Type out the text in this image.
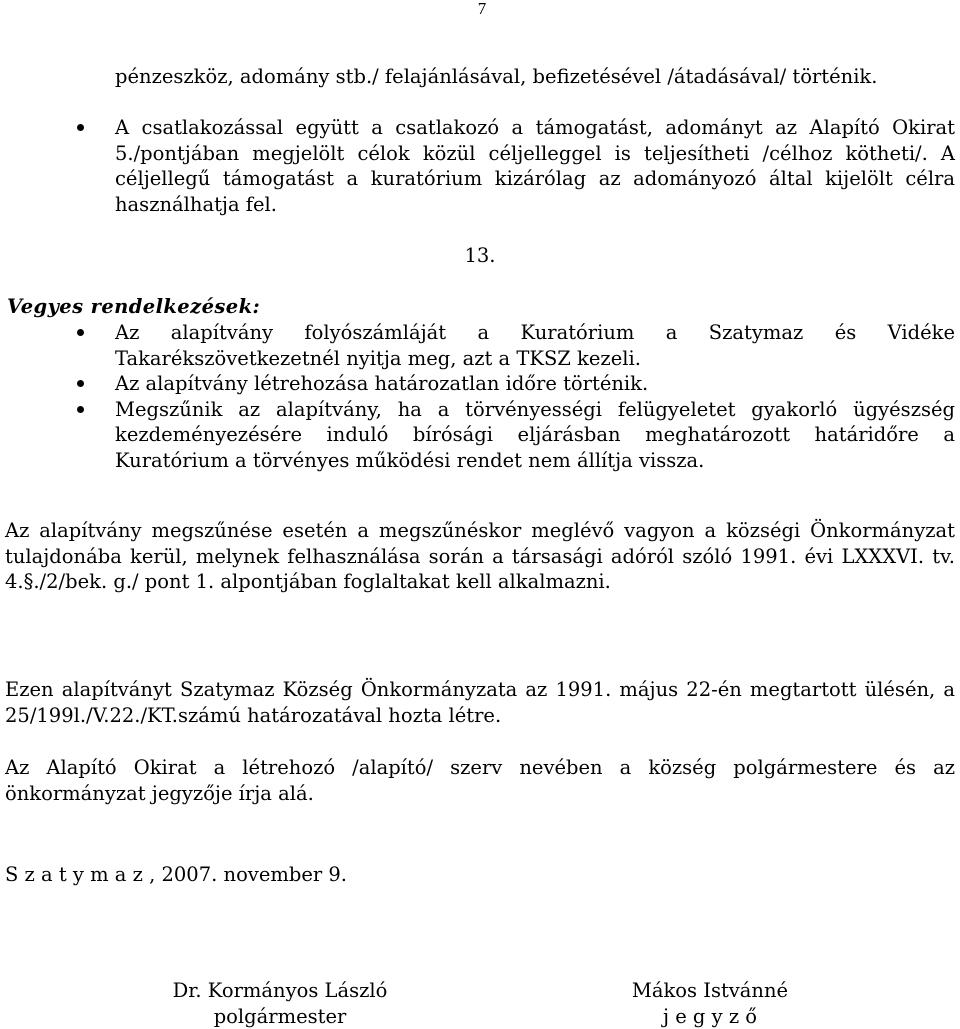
7
pénzeszköz, adomány stb./ felajánlásával, befizetésével /átadásával/ történik.
A csatlakozással együtt a csatlakozó a támogatást, adományt az Alapító Okirat 5./pontjában megjelölt célok közül céljelleggel is teljesítheti /célhoz kötheti/. A céljellegű támogatást a kuratórium kizárólag az adományozó által kijelölt célra használhatja fel.
13.
Vegyes rendelkezések:
Az alapítvány folyószámláját a Kuratórium a Szatymaz és Vidéke Takarékszövetkezetnél nyitja meg, azt a TKSZ kezeli.
Az alapítvány létrehozása határozatlan időre történik.
Megszűnik az alapítvány, ha a törvényességi felügyeletet gyakorló ügyészség kezdeményezésére induló bírósági eljárásban meghatározott határidőre a Kuratórium a törvényes működési rendet nem állítja vissza.
Az alapítvány megszűnése esetén a megszűnéskor meglévő vagyon a községi Önkormányzat tulajdonába kerül, melynek felhasználása során a társasági adóról szóló 1991. évi LXXXVI. tv. 4.§./2/bek. g./ pont 1. alpontjában foglaltakat kell alkalmazni.
Ezen alapítványt Szatymaz Község Önkormányzata az 1991. május 22-én megtartott ülésén, a 25/199l./V.22./KT.számú határozatával hozta létre.
Az Alapító Okirat a létrehozó /alapító/ szerv nevében a község polgármestere és az önkormányzat jegyzője írja alá.
S z a t y m a z , 2007. november 9.
Dr. Kormányos László
polgármester
Mákos Istvánné
j e g y z ő
